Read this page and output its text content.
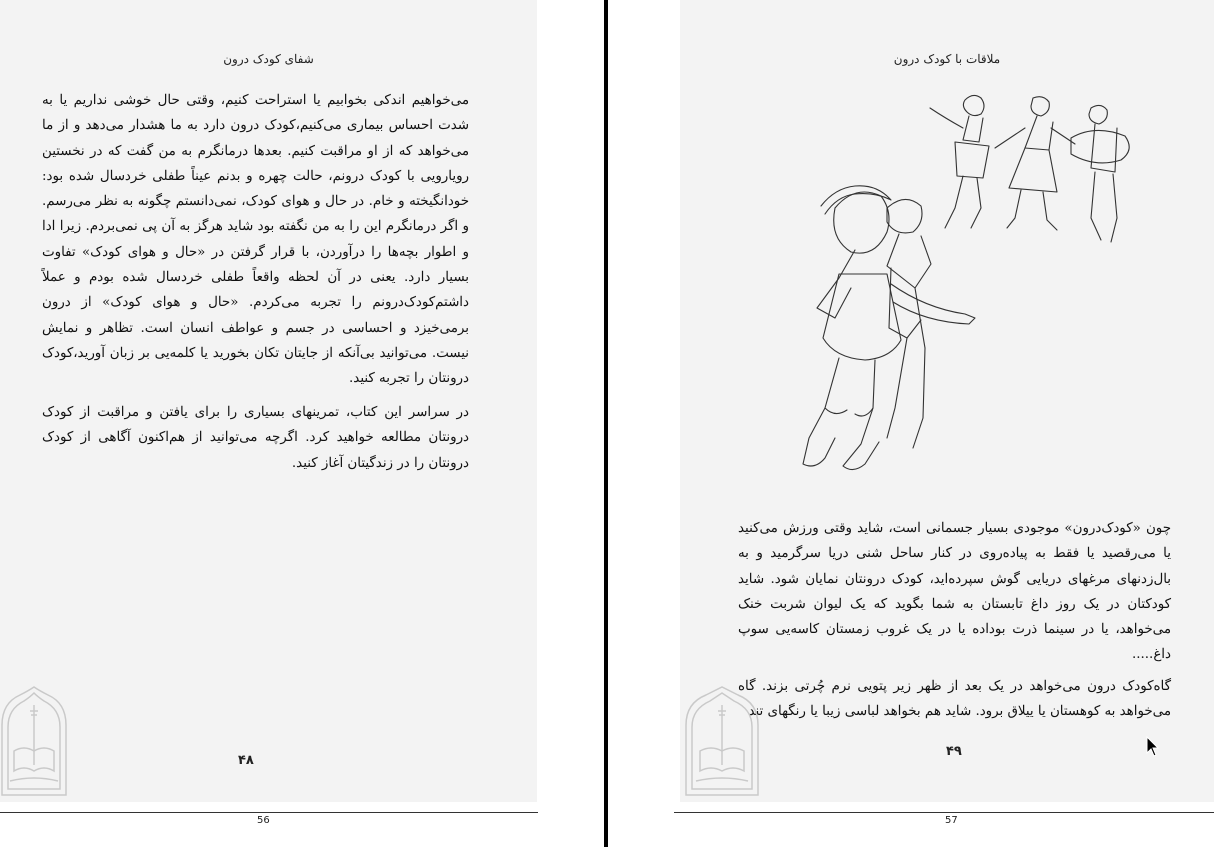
شفای کودک درون

می‌خواهیم اندکی بخوابیم یا استراحت کنیم، وقتی حال خوشی نداریم یا به شدت احساس بیماری می‌کنیم،کودک درون دارد به ما هشدار می‌دهد و از ما می‌خواهد که از او مراقبت کنیم. بعدها درمانگرم به من گفت که در نخستین رویارویی با کودک درونم، حالت چهره و بدنم عیناً طفلی خردسال شده بود: خودانگیخته و خام. در حال و هوای کودک، نمی‌دانستم چگونه به نظر می‌رسم. و اگر درمانگرم این را به من نگفته بود شاید هرگز به آن پی نمی‌بردم. زیرا ادا و اطوار بچه‌ها را درآوردن، با قرار گرفتن در «حال و هوای کودک» تفاوت بسیار دارد. یعنی در آن لحظه واقعاً طفلی خردسال شده بودم و عملاً داشتم‌کودک‌درونم را تجربه می‌کردم. «حال و هوای کودک» از درون برمی‌خیزد و احساسی در جسم و عواطف انسان است. تظاهر و نمایش نیست. می‌توانید بی‌آنکه از جایتان تکان بخورید یا کلمه‌یی بر زبان آورید،کودک درونتان را تجربه کنید.

در سراسر این کتاب، تمرینهای بسیاری را برای یافتن و مراقبت از کودک درونتان مطالعه خواهید کرد. اگرچه می‌توانید از هم‌اکنون آگاهی از کودک درونتان را در زندگیتان آغاز کنید.

۴۸
56
ملاقات با کودک درون

چون «کودک‌درون» موجودی بسیار جسمانی است، شاید وقتی ورزش می‌کنید یا می‌رقصید یا فقط به پیاده‌روی در کنار ساحل شنی دریا سرگرمید و به بال‌زدنهای مرغهای دریایی گوش سپرده‌اید، کودک درونتان نمایان شود. شاید کودکتان در یک روز داغ تابستان به شما بگوید که یک لیوان شربت خنک می‌خواهد، یا در سینما ذرت بوداده یا در یک غروب زمستان کاسه‌یی سوپ داغ.....

گاه‌کودک درون می‌خواهد در یک بعد از ظهر زیر پتویی نرم چُرتی بزند. گاه می‌خواهد به کوهستان یا ییلاق برود. شاید هم بخواهد لباسی زیبا یا رنگهای تند

۴۹
57
